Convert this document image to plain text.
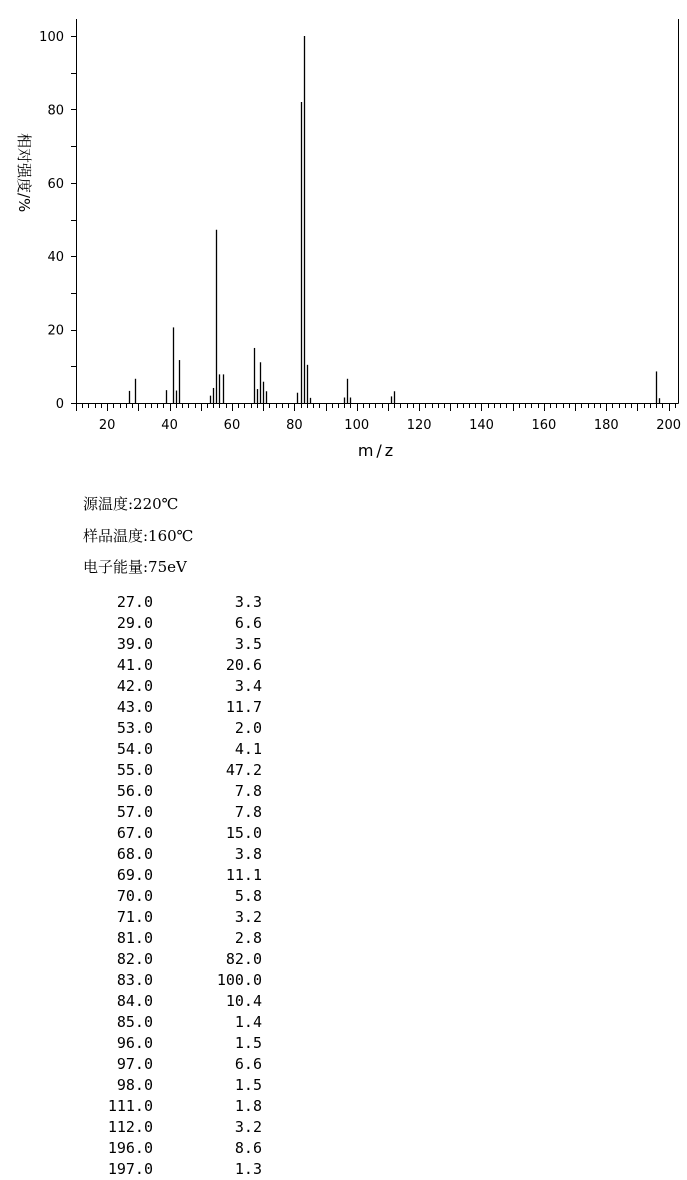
0
20
40
60
80
100
20	40	60	80	100	120	140	160	180	200
m/z
相对强度/%
源温度:220℃
样品温度:160℃
电子能量:75eV
27.0	3.3
29.0	6.6
39.0	3.5
41.0	20.6
42.0	3.4
43.0	11.7
53.0	2.0
54.0	4.1
55.0	47.2
56.0	7.8
57.0	7.8
67.0	15.0
68.0	3.8
69.0	11.1
70.0	5.8
71.0	3.2
81.0	2.8
82.0	82.0
83.0	100.0
84.0	10.4
85.0	1.4
96.0	1.5
97.0	6.6
98.0	1.5
111.0	1.8
112.0	3.2
196.0	8.6
197.0	1.3
